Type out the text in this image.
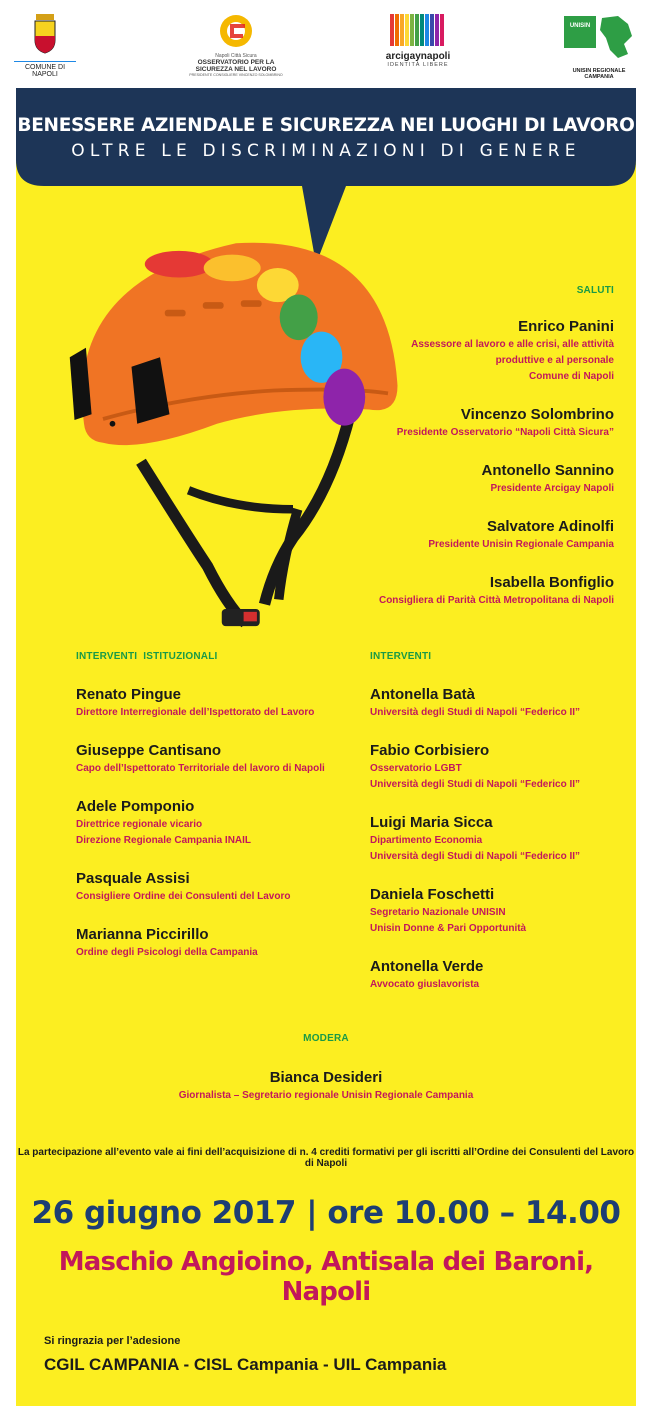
COMUNE DI NAPOLI
Napoli Città Sicura
OSSERVATORIO PER LA
SICUREZZA NEL LAVORO
PRESIDENTE CONSIGLIERE VINCENZO SOLOMBRINO
arcigaynapoli
IDENTITÀ LIBERE
UNISIN
UNISIN REGIONALE CAMPANIA
BENESSERE AZIENDALE E SICUREZZA NEI LUOGHI DI LAVORO
OLTRE LE DISCRIMINAZIONI DI GENERE
SALUTI
Enrico Panini
Assessore al lavoro e alle crisi, alle attività
produttive e al personale
Comune di Napoli
Vincenzo Solombrino
Presidente Osservatorio “Napoli Città Sicura”
Antonello Sannino
Presidente Arcigay Napoli
Salvatore Adinolfi
Presidente Unisin Regionale Campania
Isabella Bonfiglio
Consigliera di Parità Città Metropolitana di Napoli
INTERVENTI  ISTITUZIONALI
Renato Pingue
Direttore Interregionale dell’Ispettorato del Lavoro
Giuseppe Cantisano
Capo dell’Ispettorato Territoriale del lavoro di Napoli
Adele Pomponio
Direttrice regionale vicario
Direzione Regionale Campania INAIL
Pasquale Assisi
Consigliere Ordine dei Consulenti del Lavoro
Marianna Piccirillo
Ordine degli Psicologi della Campania
INTERVENTI
Antonella Batà
Università degli Studi di Napoli “Federico II”
Fabio Corbisiero
Osservatorio LGBT
Università degli Studi di Napoli “Federico II”
Luigi Maria Sicca
Dipartimento Economia
Università degli Studi di Napoli “Federico II”
Daniela Foschetti
Segretario Nazionale UNISIN
Unisin Donne & Pari Opportunità
Antonella Verde
Avvocato giuslavorista
MODERA
Bianca Desideri
Giornalista – Segretario regionale Unisin Regionale Campania
La partecipazione all’evento vale ai fini dell’acquisizione di n. 4 crediti formativi per gli iscritti all’Ordine dei Consulenti del Lavoro di Napoli
26 giugno 2017 | ore 10.00 – 14.00
Maschio Angioino, Antisala dei Baroni, Napoli
Si ringrazia per l’adesione
CGIL CAMPANIA - CISL Campania - UIL Campania
